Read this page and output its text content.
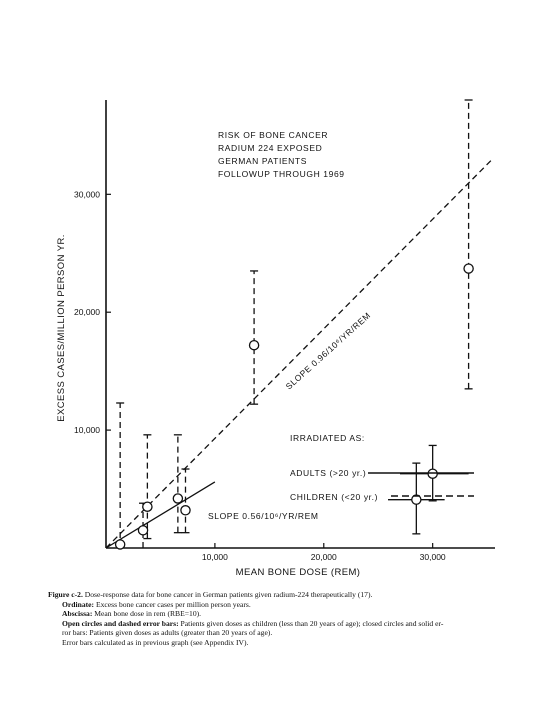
10,000	20,000	30,000
10,000
20,000
30,000
RISK OF BONE CANCER
RADIUM 224 EXPOSED
GERMAN PATIENTS
FOLLOWUP THROUGH 1969
MEAN BONE DOSE (REM)
EXCESS CASES/MILLION PERSON YR.	SLOPE 0.96/10⁶/YR/REM
SLOPE 0.56/10⁶/YR/REM
IRRADIATED AS:
ADULTS (>20 yr.)
CHILDREN (<20 yr.)
Figure c-2. Dose-response data for bone cancer in German patients given radium-224 therapeutically (17).
Ordinate: Excess bone cancer cases per million person years.
Abscissa: Mean bone dose in rem (RBE=10).
Open circles and dashed error bars: Patients given doses as children (less than 20 years of age); closed circles and solid er-
ror bars: Patients given doses as adults (greater than 20 years of age).
Error bars calculated as in previous graph (see Appendix IV).
